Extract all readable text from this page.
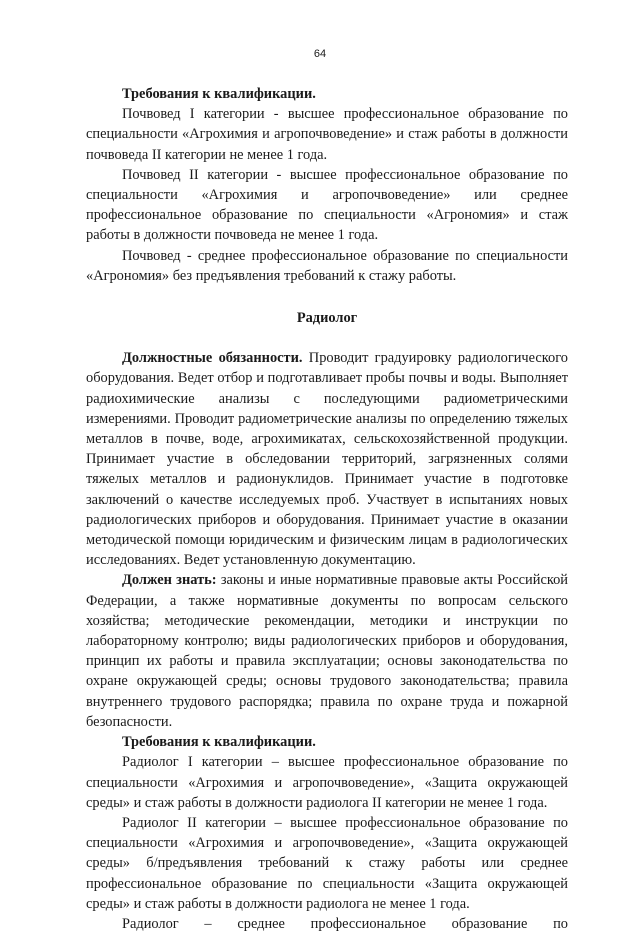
64

Требования к квалификации.

Почвовед I категории - высшее профессиональное образование по специальности «Агрохимия и агропочвоведение» и стаж работы в должности почвоведа II категории не менее 1 года.

Почвовед II категории - высшее профессиональное образование по специальности «Агрохимия и агропочвоведение» или среднее профессиональное образование по специальности «Агрономия» и стаж работы в должности почвоведа не менее 1 года.

Почвовед - среднее профессиональное образование по специальности «Агрономия» без предъявления требований к стажу работы.

Радиолог

Должностные обязанности. Проводит градуировку радиологического оборудования. Ведет отбор и подготавливает пробы почвы и воды. Выполняет радиохимические анализы с последующими радиометрическими измерениями. Проводит радиометрические анализы по определению тяжелых металлов в почве, воде, агрохимикатах, сельскохозяйственной продукции. Принимает участие в обследовании территорий, загрязненных солями тяжелых металлов и радионуклидов. Принимает участие в подготовке заключений о качестве исследуемых проб. Участвует в испытаниях новых радиологических приборов и оборудования. Принимает участие в оказании методической помощи юридическим и физическим лицам в радиологических исследованиях. Ведет установленную документацию.

Должен знать: законы и иные нормативные правовые акты Российской Федерации, а также нормативные документы по вопросам сельского хозяйства; методические рекомендации, методики и инструкции по лабораторному контролю; виды радиологических приборов и оборудования, принцип их работы и правила эксплуатации; основы законодательства по охране окружающей среды; основы трудового законодательства; правила внутреннего трудового распорядка; правила по охране труда и пожарной безопасности.

Требования к квалификации.

Радиолог I категории – высшее профессиональное образование по специальности «Агрохимия и агропочвоведение», «Защита окружающей среды» и стаж работы в должности радиолога II категории не менее 1 года.

Радиолог II категории – высшее профессиональное образование по специальности «Агрохимия и агропочвоведение», «Защита окружающей среды» б/предъявления требований к стажу работы или среднее профессиональное образование по специальности «Защита окружающей среды» и стаж работы в должности радиолога не менее 1 года.

Радиолог – среднее профессиональное образование по
